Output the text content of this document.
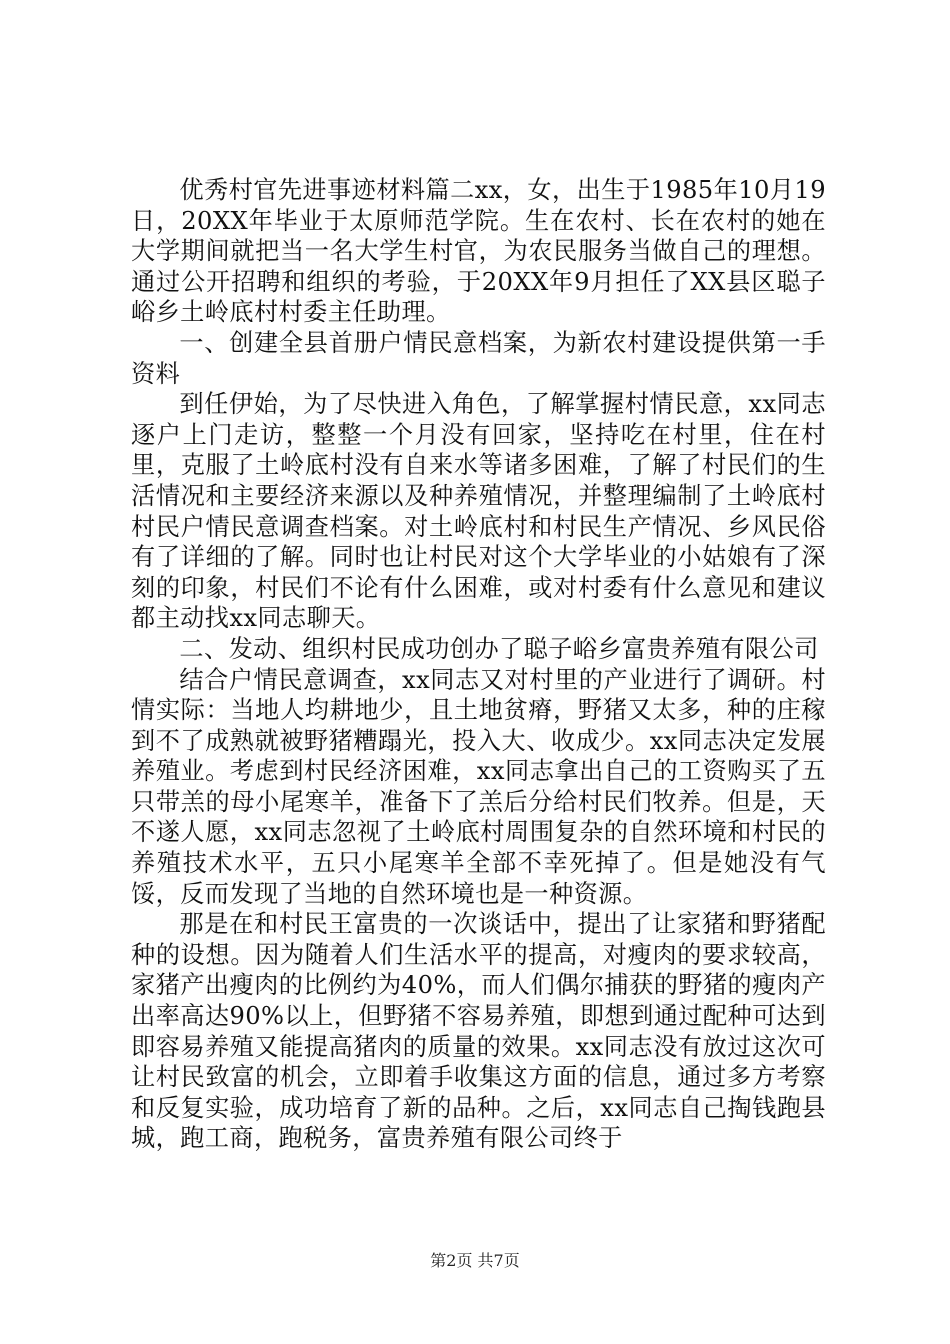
优秀村官先进事迹材料篇二xx，女，出生于1985年10月19日，20XX年毕业于太原师范学院。生在农村、长在农村的她在大学期间就把当一名大学生村官，为农民服务当做自己的理想。通过公开招聘和组织的考验，于20XX年9月担任了XX县区聪子峪乡土岭底村村委主任助理。

一、创建全县首册户情民意档案，为新农村建设提供第一手资料

到任伊始，为了尽快进入角色，了解掌握村情民意，xx同志逐户上门走访，整整一个月没有回家，坚持吃在村里，住在村里，克服了土岭底村没有自来水等诸多困难，了解了村民们的生活情况和主要经济来源以及种养殖情况，并整理编制了土岭底村村民户情民意调查档案。对土岭底村和村民生产情况、乡风民俗有了详细的了解。同时也让村民对这个大学毕业的小姑娘有了深刻的印象，村民们不论有什么困难，或对村委有什么意见和建议都主动找xx同志聊天。

二、发动、组织村民成功创办了聪子峪乡富贵养殖有限公司

结合户情民意调查，xx同志又对村里的产业进行了调研。村情实际：当地人均耕地少，且土地贫瘠，野猪又太多，种的庄稼到不了成熟就被野猪糟蹋光，投入大、收成少。xx同志决定发展养殖业。考虑到村民经济困难，xx同志拿出自己的工资购买了五只带羔的母小尾寒羊，准备下了羔后分给村民们牧养。但是，天不遂人愿，xx同志忽视了土岭底村周围复杂的自然环境和村民的养殖技术水平，五只小尾寒羊全部不幸死掉了。但是她没有气馁，反而发现了当地的自然环境也是一种资源。

那是在和村民王富贵的一次谈话中，提出了让家猪和野猪配种的设想。因为随着人们生活水平的提高，对瘦肉的要求较高，家猪产出瘦肉的比例约为40%，而人们偶尔捕获的野猪的瘦肉产出率高达90%以上，但野猪不容易养殖，即想到通过配种可达到即容易养殖又能提高猪肉的质量的效果。xx同志没有放过这次可让村民致富的机会，立即着手收集这方面的信息，通过多方考察和反复实验，成功培育了新的品种。之后，xx同志自己掏钱跑县城，跑工商，跑税务，富贵养殖有限公司终于

第2页 共7页
